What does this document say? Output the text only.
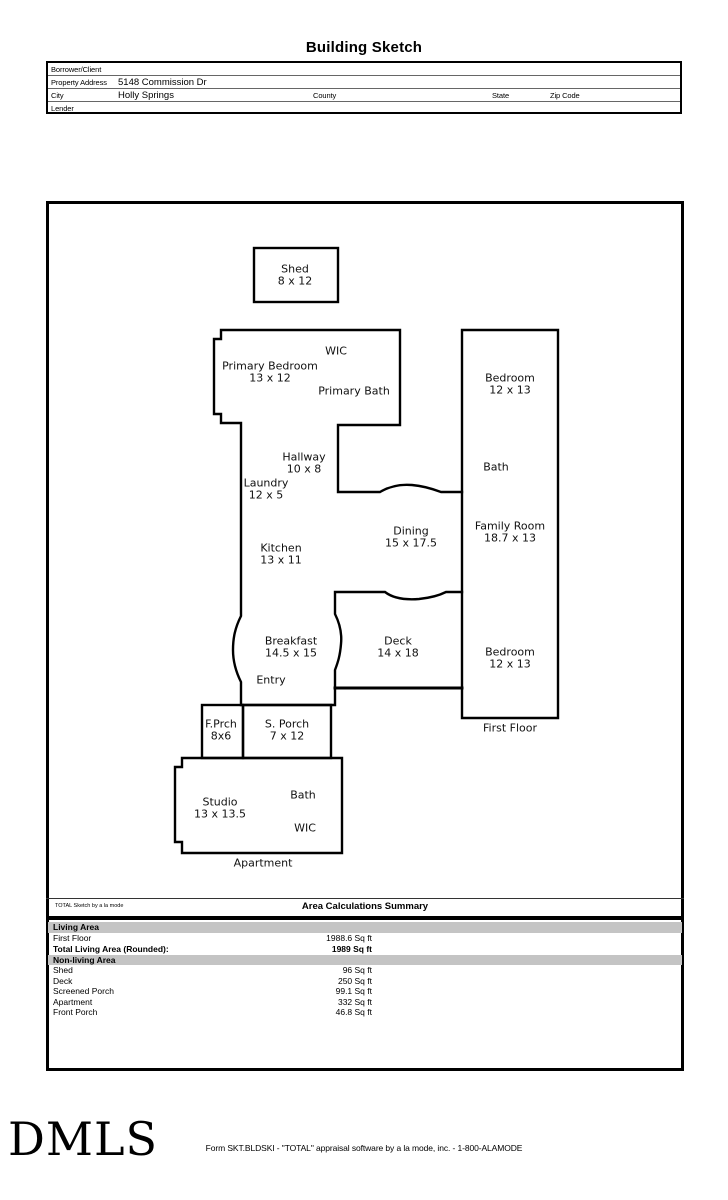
Building Sketch
Borrower/Client
Property Address 5148 Commission Dr
City	Holly Springs	County	State	Zip Code
Lender
Shed
8 x 12
WIC
Primary Bedroom
13 x 12
Primary Bath
Bedroom
12 x 13
Hallway
10 x 8	Bath
Laundry
12 x 5
Dining
15 x 17.5
Family Room
18.7 x 13
Kitchen
13 x 11
Breakfast
14.5 x 15
Deck
14 x 18	Bedroom
12 x 13
Entry
F.Prch
8x6
S. Porch
7 x 12
First Floor
Studio
13 x 13.5
Bath
WIC
Apartment
TOTAL Sketch by a la mode	Area Calculations Summary
Living Area
First Floor	1988.6 Sq ft
Total Living Area (Rounded):	1989 Sq ft
Non-living Area
Shed	96 Sq ft
Deck	250 Sq ft
Screened Porch	99.1 Sq ft
Apartment	332 Sq ft
Front Porch	46.8 Sq ft
DMLS	Form SKT.BLDSKI - "TOTAL" appraisal software by a la mode, inc. - 1-800-ALAMODE
